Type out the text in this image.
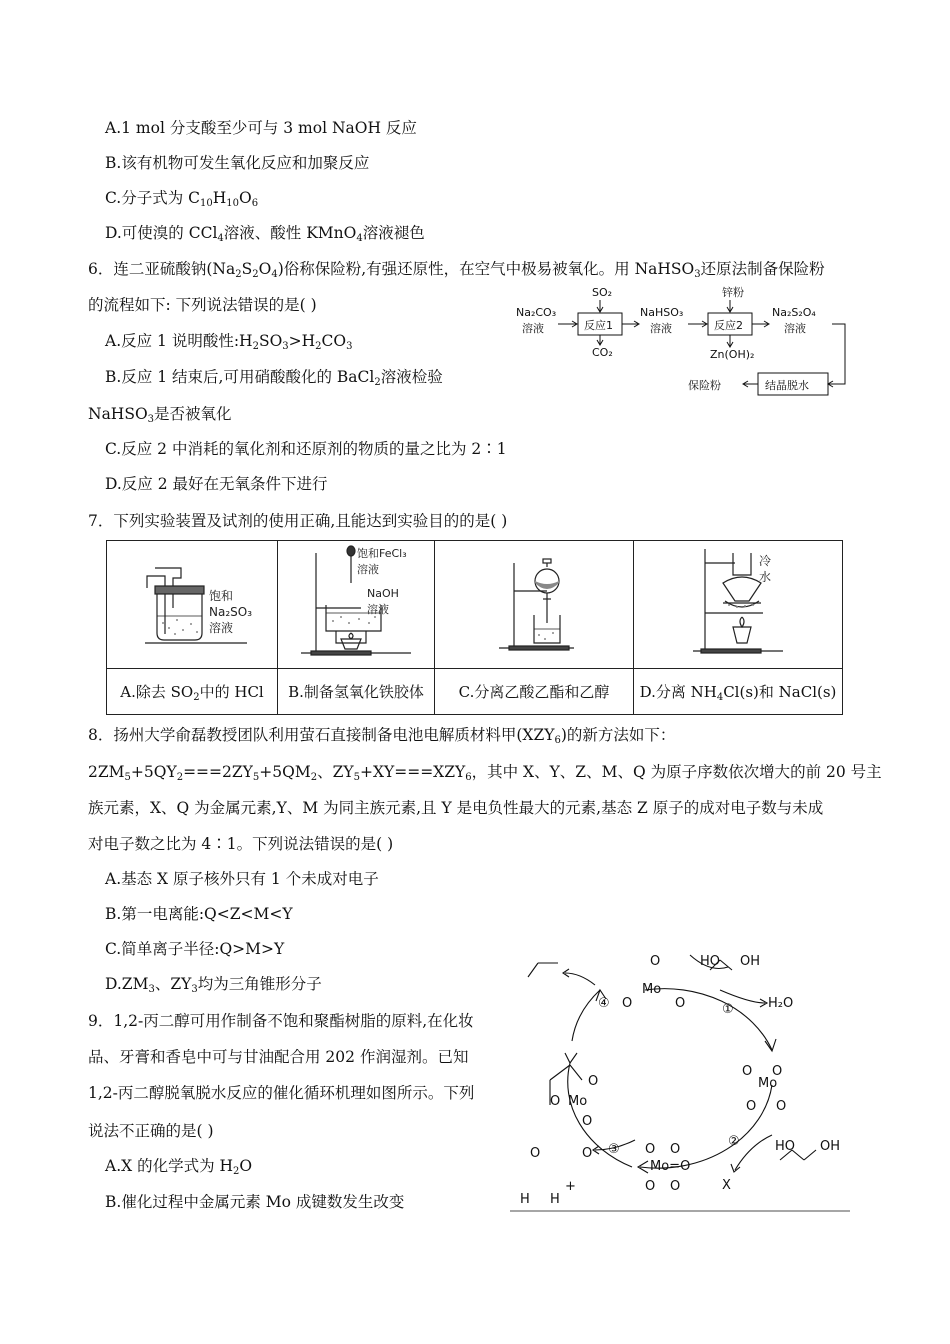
A.1 mol 分支酸至少可与 3 mol NaOH 反应
B.该有机物可发生氧化反应和加聚反应
C.分子式为 $C_{10}H_{10}O_6$
D.可使溴的 CCl$_4$溶液、酸性 KMnO$_4$溶液褪色
6．连二亚硫酸钠$(Na_2S_2O_4)$俗称保险粉,有强还原性，在空气中极易被氧化。用 NaHSO$_3$还原法制备保险粉
的流程如下: 下列说法错误的是( )
A.反应 1 说明酸性$:H_2SO_3>H_2CO_3$
B.反应 1 结束后,可用硝酸酸化的 BaCl$_2$溶液检验
NaHSO$_3$是否被氧化
C.反应 2 中消耗的氧化剂和还原剂的物质的量之比为 2∶1
D.反应 2 最好在无氧条件下进行
Na₂CO₃
溶液
SO₂
反应1
CO₂
NaHSO₃
溶液
锌粉
反应2
Zn(OH)₂
Na₂S₂O₄
溶液
结晶脱水
保险粉
7．下列实验装置及试剂的使用正确,且能达到实验目的的是( )
饱和
Na₂SO₃
溶液	饱和FeCl₃
溶液
NaOH
溶液		冷
水

A.除去 $SO_2$中的 HCl	B.制备氢氧化铁胶体	C.分离乙酸乙酯和乙醇	D.分离 $NH_4Cl(s)$和 NaCl(s)
8．扬州大学俞磊教授团队利用萤石直接制备电池电解质材料甲$(XZY_6)$的新方法如下：
$2ZM_5+5QY_2===2ZY_5+5QM_2$、$ZY_5+XY===XZY_6$，其中 X、Y、Z、M、Q 为原子序数依次增大的前 20 号主
族元素，X、Q 为金属元素,Y、M 为同主族元素,且 Y 是电负性最大的元素,基态 Z 原子的成对电子数与未成
对电子数之比为 4∶1。下列说法错误的是( )
A.基态 X 原子核外只有 1 个未成对电子
B.第一电离能:Q<Z<M<Y
C.简单离子半径:Q>M>Y
$D.ZM_3$、$ZY_3$均为三角锥形分子
9．1,2-丙二醇可用作制备不饱和聚酯树脂的原料,在化妆
品、牙膏和香皂中可与甘油配合用 202 作润湿剂。已知
1,2-丙二醇脱氧脱水反应的催化循环机理如图所示。下列
说法不正确的是( )
A.X 的化学式为 $H_2O$
B.催化过程中金属元素 Mo 成键数发生改变
O
Mo
O	O
HO OH
①	H₂O
Mo
O O
O O
②	HO OH
X
Mo=O
O O
O O
③
O
H H
+
O
O Mo
O
O
④
